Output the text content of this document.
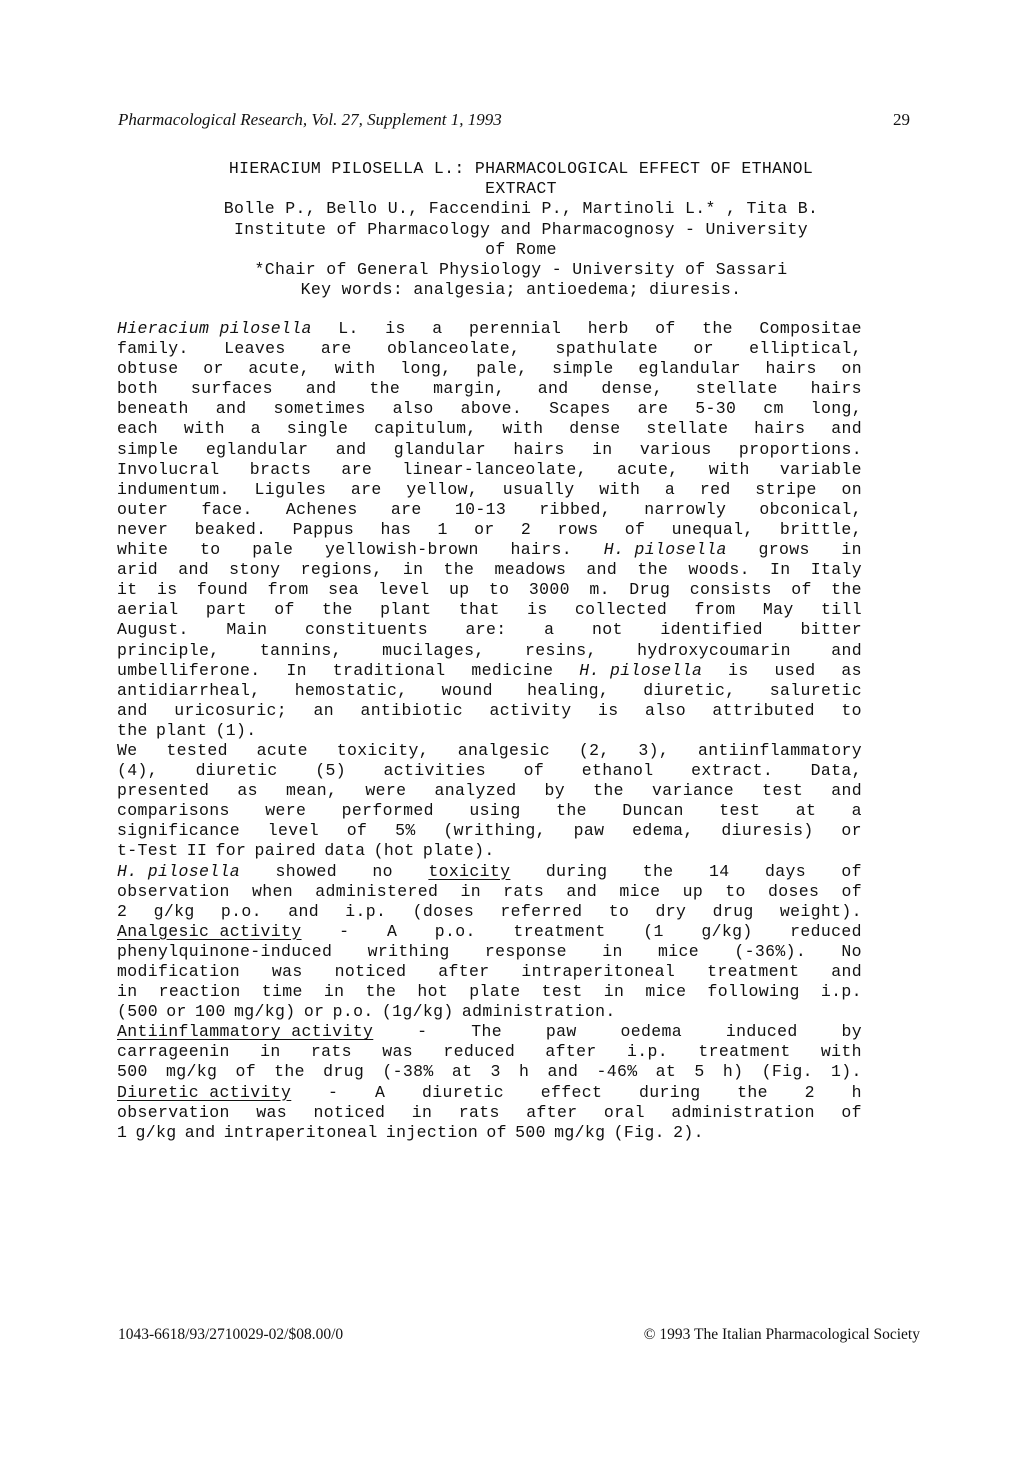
Pharmacological Research, Vol. 27, Supplement 1, 1993	29
HIERACIUM PILOSELLA L.: PHARMACOLOGICAL EFFECT OF ETHANOL
EXTRACT
Bolle P., Bello U., Faccendini P., Martinoli L.* , Tita B.
Institute of Pharmacology and Pharmacognosy - University
of Rome
*Chair of General Physiology - University of Sassari
Key words: analgesia; antioedema; diuresis.
Hieracium pilosella L. is a perennial herb of the Compositae
family. Leaves are oblanceolate, spathulate or elliptical,
obtuse or acute, with long, pale, simple eglandular hairs on
both surfaces and the margin, and dense, stellate hairs
beneath and sometimes also above. Scapes are 5-30 cm long,
each with a single capitulum, with dense stellate hairs and
simple eglandular and glandular hairs in various proportions.
Involucral bracts are linear-lanceolate, acute, with variable
indumentum. Ligules are yellow, usually with a red stripe on
outer face. Achenes are 10-13 ribbed, narrowly obconical,
never beaked. Pappus has 1 or 2 rows of unequal, brittle,
white to pale yellowish-brown hairs. H. pilosella grows in
arid and stony regions, in the meadows and the woods. In Italy
it is found from sea level up to 3000 m. Drug consists of the
aerial part of the plant that is collected from May till
August. Main constituents are: a not identified bitter
principle, tannins, mucilages, resins, hydroxycoumarin and
umbelliferone. In traditional medicine H. pilosella is used as
antidiarrheal, hemostatic, wound healing, diuretic, saluretic
and uricosuric; an antibiotic activity is also attributed to
the plant (1).
We tested acute toxicity, analgesic (2, 3), antiinflammatory
(4), diuretic (5) activities of ethanol extract. Data,
presented as mean, were analyzed by the variance test and
comparisons were performed using the Duncan test at a
significance level of 5% (writhing, paw edema, diuresis) or
t-Test II for paired data (hot plate).
H. pilosella showed no toxicity during the 14 days of
observation when administered in rats and mice up to doses of
2 g/kg p.o. and i.p. (doses referred to dry drug weight).
Analgesic activity - A p.o. treatment (1 g/kg) reduced
phenylquinone-induced writhing response in mice (-36%). No
modification was noticed after intraperitoneal treatment and
in reaction time in the hot plate test in mice following i.p.
(500 or 100 mg/kg) or p.o. (1g/kg) administration.
Antiinflammatory activity	-	The	paw	oedema	induced	by
carrageenin in rats was reduced after i.p. treatment with
500 mg/kg of the drug (-38% at 3 h and -46% at 5 h) (Fig. 1).
Diuretic activity - A diuretic effect during the 2 h
observation was noticed in rats after oral administration of
1 g/kg and intraperitoneal injection of 500 mg/kg (Fig. 2).
1043-6618/93/2710029-02/$08.00/0	© 1993 The Italian Pharmacological Society
